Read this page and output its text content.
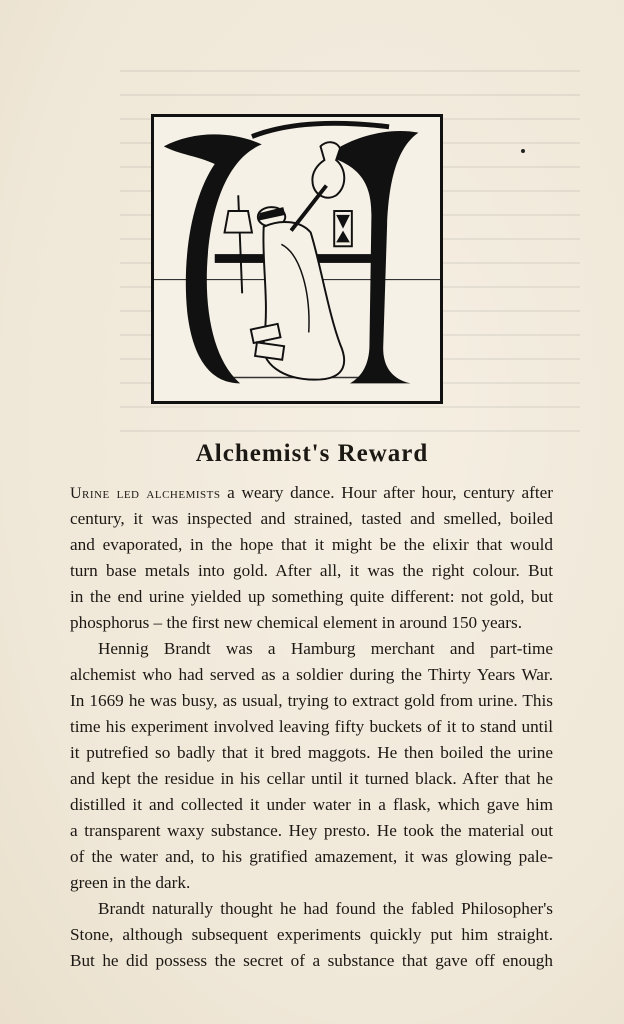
Alchemist's Reward
Urine led alchemists a weary dance. Hour after hour, century after
century, it was inspected and strained, tasted and smelled, boiled
and evaporated, in the hope that it might be the elixir that would
turn base metals into gold. After all, it was the right colour. But
in the end urine yielded up something quite different: not gold, but
phosphorus – the first new chemical element in around 150 years.
Hennig Brandt was a Hamburg merchant and part-time
alchemist who had served as a soldier during the Thirty Years War.
In 1669 he was busy, as usual, trying to extract gold from urine. This
time his experiment involved leaving fifty buckets of it to stand until
it putrefied so badly that it bred maggots. He then boiled the urine
and kept the residue in his cellar until it turned black. After that he
distilled it and collected it under water in a flask, which gave him
a transparent waxy substance. Hey presto. He took the material out
of the water and, to his gratified amazement, it was glowing pale-
green in the dark.
Brandt naturally thought he had found the fabled Philosopher's
Stone, although subsequent experiments quickly put him straight.
But he did possess the secret of a substance that gave off enough
